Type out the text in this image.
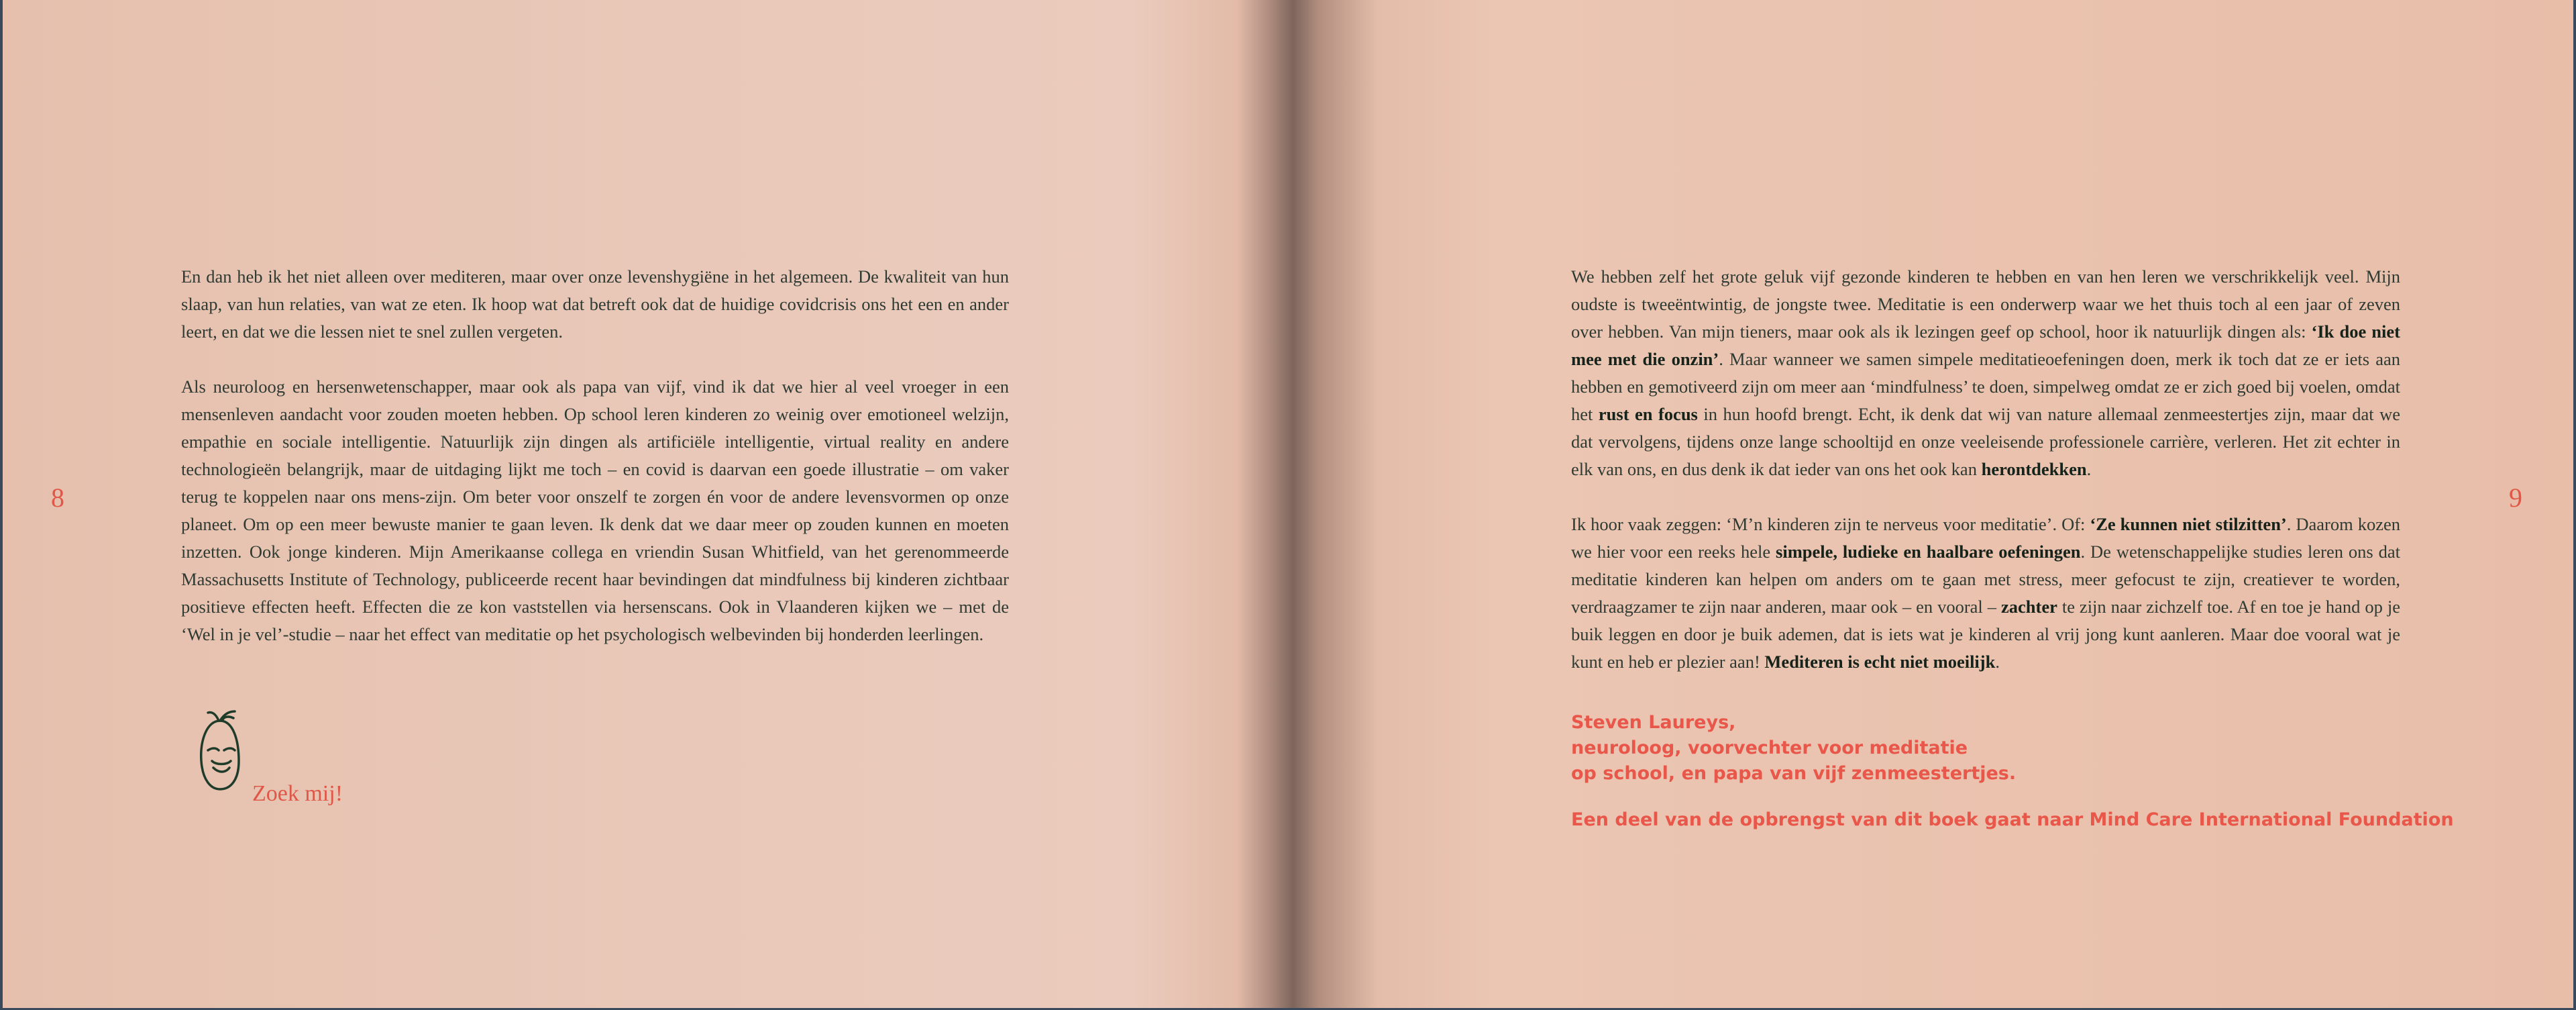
8

En dan heb ik het niet alleen over mediteren, maar over onze levenshygiëne in het algemeen. De kwaliteit van hun slaap, van hun relaties, van wat ze eten. Ik hoop wat dat betreft ook dat de huidige covidcrisis ons het een en ander leert, en dat we die lessen niet te snel zullen vergeten.

Als neuroloog en hersenwetenschapper, maar ook als papa van vijf, vind ik dat we hier al veel vroeger in een mensenleven aandacht voor zouden moeten hebben. Op school leren kinderen zo weinig over emotioneel welzijn, empathie en sociale intelligentie. Natuurlijk zijn dingen als artificiële intelligentie, virtual reality en andere technologieën belangrijk, maar de uitdaging lijkt me toch – en covid is daarvan een goede illustratie – om vaker terug te koppelen naar ons mens-zijn. Om beter voor onszelf te zorgen én voor de andere levensvormen op onze planeet. Om op een meer bewuste manier te gaan leven. Ik denk dat we daar meer op zouden kunnen en moeten inzetten. Ook jonge kinderen. Mijn Amerikaanse collega en vriendin Susan Whitfield, van het gerenommeerde Massachusetts Institute of Technology, publiceerde recent haar bevindingen dat mindfulness bij kinderen zichtbaar positieve effecten heeft. Effecten die ze kon vaststellen via hersenscans. Ook in Vlaanderen kijken we – met de ‘Wel in je vel’-studie – naar het effect van meditatie op het psychologisch welbevinden bij honderden leerlingen.

Zoek mij!
9

We hebben zelf het grote geluk vijf gezonde kinderen te hebben en van hen leren we verschrikkelijk veel. Mijn oudste is tweeëntwintig, de jongste twee. Meditatie is een onderwerp waar we het thuis toch al een jaar of zeven over hebben. Van mijn tieners, maar ook als ik lezingen geef op school, hoor ik natuurlijk dingen als: ‘Ik doe niet mee met die onzin’. Maar wanneer we samen simpele meditatieoefeningen doen, merk ik toch dat ze er iets aan hebben en gemotiveerd zijn om meer aan ‘mindfulness’ te doen, simpelweg omdat ze er zich goed bij voelen, omdat het rust en focus in hun hoofd brengt. Echt, ik denk dat wij van nature allemaal zenmeestertjes zijn, maar dat we dat vervolgens, tijdens onze lange schooltijd en onze veeleisende professionele carrière, verleren. Het zit echter in elk van ons, en dus denk ik dat ieder van ons het ook kan herontdekken.

Ik hoor vaak zeggen: ‘M’n kinderen zijn te nerveus voor meditatie’. Of: ‘Ze kunnen niet stilzitten’. Daarom kozen we hier voor een reeks hele simpele, ludieke en haalbare oefeningen. De wetenschappelijke studies leren ons dat meditatie kinderen kan helpen om anders om te gaan met stress, meer gefocust te zijn, creatiever te worden, verdraagzamer te zijn naar anderen, maar ook – en vooral – zachter te zijn naar zichzelf toe. Af en toe je hand op je buik leggen en door je buik ademen, dat is iets wat je kinderen al vrij jong kunt aanleren. Maar doe vooral wat je kunt en heb er plezier aan! Mediteren is echt niet moeilijk.

Steven Laureys,
neuroloog, voorvechter voor meditatie
op school, en papa van vijf zenmeestertjes.
Een deel van de opbrengst van dit boek gaat naar Mind Care International Foundation
